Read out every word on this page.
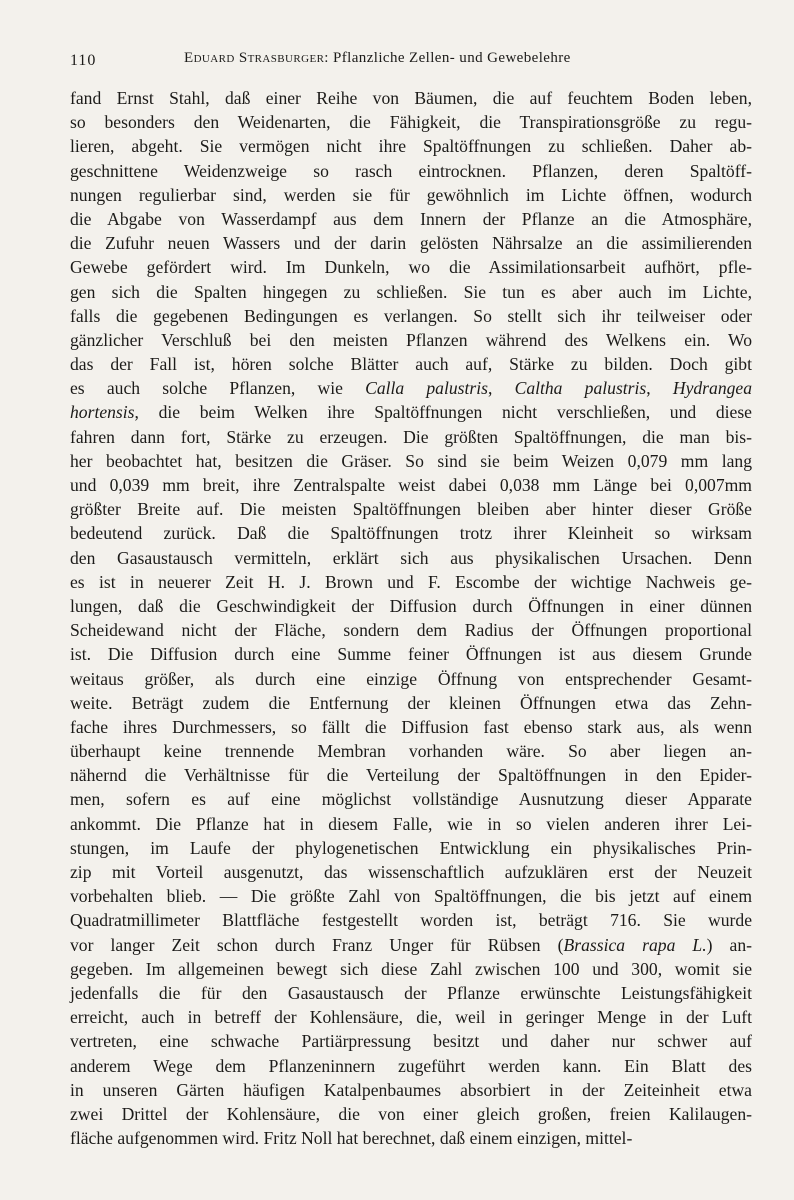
110	Eduard Strasburger: Pflanzliche Zellen- und Gewebelehre
fand Ernst Stahl, daß einer Reihe von Bäumen, die auf feuchtem Boden leben,
so besonders den Weidenarten, die Fähigkeit, die Transpirationsgröße zu regu-
lieren, abgeht. Sie vermögen nicht ihre Spaltöffnungen zu schließen. Daher ab-
geschnittene Weidenzweige so rasch eintrocknen. Pflanzen, deren Spaltöff-
nungen regulierbar sind, werden sie für gewöhnlich im Lichte öffnen, wodurch
die Abgabe von Wasserdampf aus dem Innern der Pflanze an die Atmosphäre,
die Zufuhr neuen Wassers und der darin gelösten Nährsalze an die assimilierenden
Gewebe gefördert wird. Im Dunkeln, wo die Assimilationsarbeit aufhört, pfle-
gen sich die Spalten hingegen zu schließen. Sie tun es aber auch im Lichte,
falls die gegebenen Bedingungen es verlangen. So stellt sich ihr teilweiser oder
gänzlicher Verschluß bei den meisten Pflanzen während des Welkens ein. Wo
das der Fall ist, hören solche Blätter auch auf, Stärke zu bilden. Doch gibt
es auch solche Pflanzen, wie Calla palustris, Caltha palustris, Hydrangea
hortensis, die beim Welken ihre Spaltöffnungen nicht verschließen, und diese
fahren dann fort, Stärke zu erzeugen. Die größten Spaltöffnungen, die man bis-
her beobachtet hat, besitzen die Gräser. So sind sie beim Weizen 0,079 mm lang
und 0,039 mm breit, ihre Zentralspalte weist dabei 0,038 mm Länge bei 0,007mm
größter Breite auf. Die meisten Spaltöffnungen bleiben aber hinter dieser Größe
bedeutend zurück. Daß die Spaltöffnungen trotz ihrer Kleinheit so wirksam
den Gasaustausch vermitteln, erklärt sich aus physikalischen Ursachen. Denn
es ist in neuerer Zeit H. J. Brown und F. Escombe der wichtige Nachweis ge-
lungen, daß die Geschwindigkeit der Diffusion durch Öffnungen in einer dünnen
Scheidewand nicht der Fläche, sondern dem Radius der Öffnungen proportional
ist. Die Diffusion durch eine Summe feiner Öffnungen ist aus diesem Grunde
weitaus größer, als durch eine einzige Öffnung von entsprechender Gesamt-
weite. Beträgt zudem die Entfernung der kleinen Öffnungen etwa das Zehn-
fache ihres Durchmessers, so fällt die Diffusion fast ebenso stark aus, als wenn
überhaupt keine trennende Membran vorhanden wäre. So aber liegen an-
nähernd die Verhältnisse für die Verteilung der Spaltöffnungen in den Epider-
men, sofern es auf eine möglichst vollständige Ausnutzung dieser Apparate
ankommt. Die Pflanze hat in diesem Falle, wie in so vielen anderen ihrer Lei-
stungen, im Laufe der phylogenetischen Entwicklung ein physikalisches Prin-
zip mit Vorteil ausgenutzt, das wissenschaftlich aufzuklären erst der Neuzeit
vorbehalten blieb. — Die größte Zahl von Spaltöffnungen, die bis jetzt auf einem
Quadratmillimeter Blattfläche festgestellt worden ist, beträgt 716. Sie wurde
vor langer Zeit schon durch Franz Unger für Rübsen (Brassica rapa L.) an-
gegeben. Im allgemeinen bewegt sich diese Zahl zwischen 100 und 300, womit sie
jedenfalls die für den Gasaustausch der Pflanze erwünschte Leistungsfähigkeit
erreicht, auch in betreff der Kohlensäure, die, weil in geringer Menge in der Luft
vertreten, eine schwache Partiärpressung besitzt und daher nur schwer auf
anderem Wege dem Pflanzeninnern zugeführt werden kann. Ein Blatt des
in unseren Gärten häufigen Katalpenbaumes absorbiert in der Zeiteinheit etwa
zwei Drittel der Kohlensäure, die von einer gleich großen, freien Kalilaugen-
fläche aufgenommen wird. Fritz Noll hat berechnet, daß einem einzigen, mittel-
